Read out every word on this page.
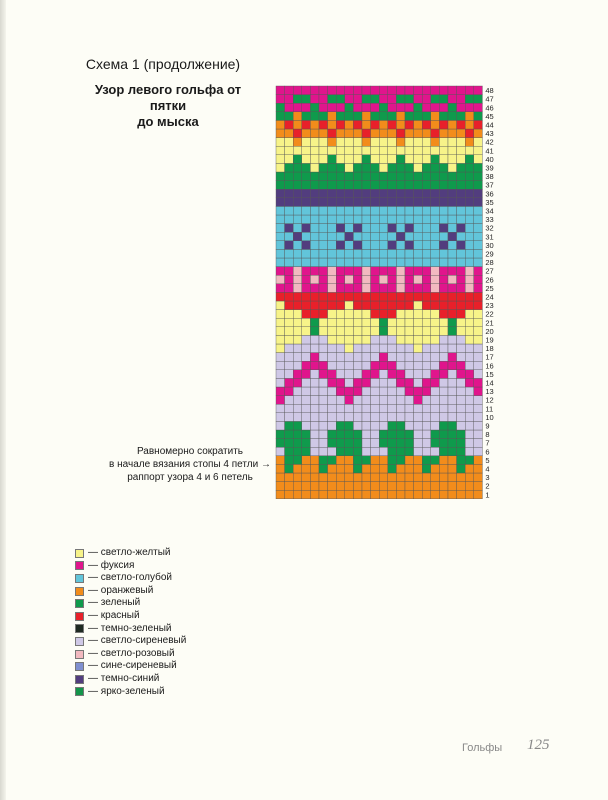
Схема 1 (продолжение)
Узор левого гольфа от пятки
до мыска
1
2
3
4
5
6
7
8
9
10
11
12
13
14
15
16
17
18
19
20
21
22
23
24
25
26
27
28
29
30
31
32
33
34
35
36
37
38
39
40
41
42
43
44
45
46
47
48
Равномерно сократить
в начале вязания стопы 4 петли →
раппорт узора 4 и 6 петель
— светло-желтый
— фуксия
— светло-голубой
— оранжевый
— зеленый
— красный
— темно-зеленый
— светло-сиреневый
— светло-розовый
— сине-сиреневый
— темно-синий
— ярко-зеленый
Гольфы 125
